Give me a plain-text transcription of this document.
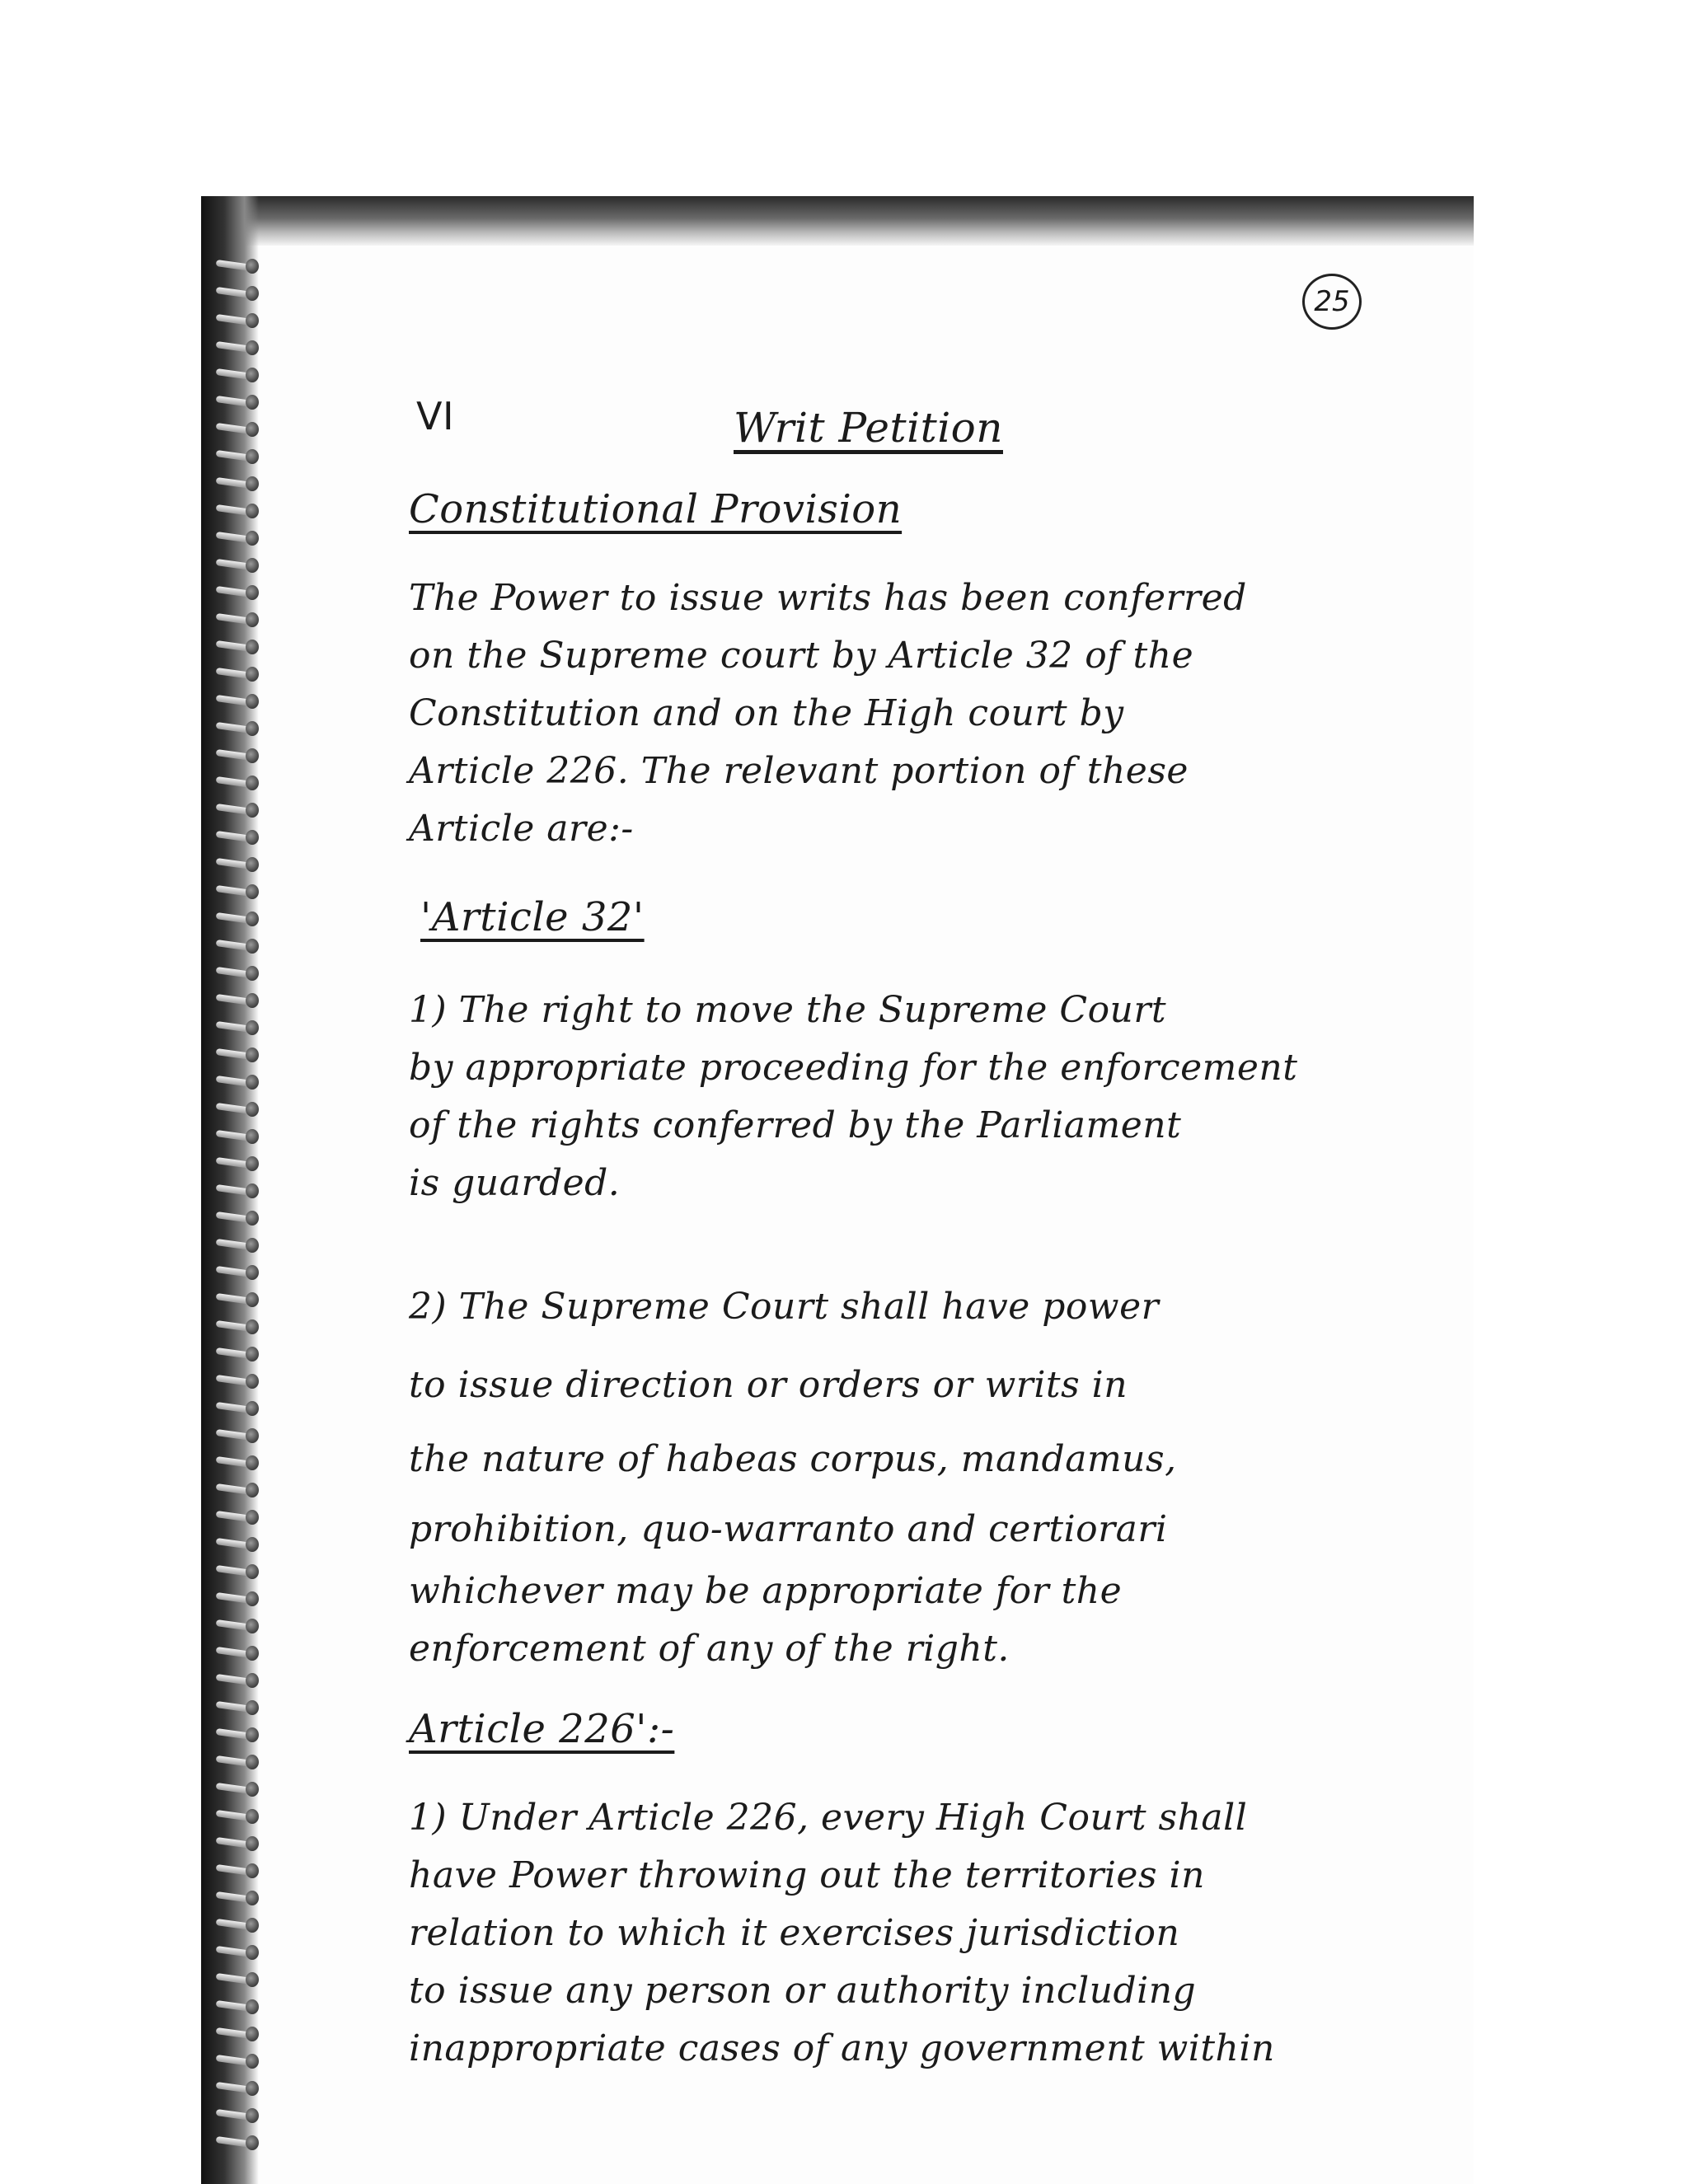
25
VI	Writ Petition
Constitutional Provision
The Power to issue writs has been conferred
on the Supreme court by Article 32 of the
Constitution and on the High court by
Article 226. The relevant portion of these
Article are:-
'Article 32'
1) The right to move the Supreme Court
by appropriate proceeding for the enforcement
of the rights conferred by the Parliament
is guarded.
2) The Supreme Court shall have power
to issue direction or orders or writs in
the nature of habeas corpus, mandamus,
prohibition, quo-warranto and certiorari
whichever may be appropriate for the
enforcement of any of the right.
Article 226':-
1) Under Article 226, every High Court shall
have Power throwing out the territories in
relation to which it exercises jurisdiction
to issue any person or authority including
inappropriate cases of any government within
